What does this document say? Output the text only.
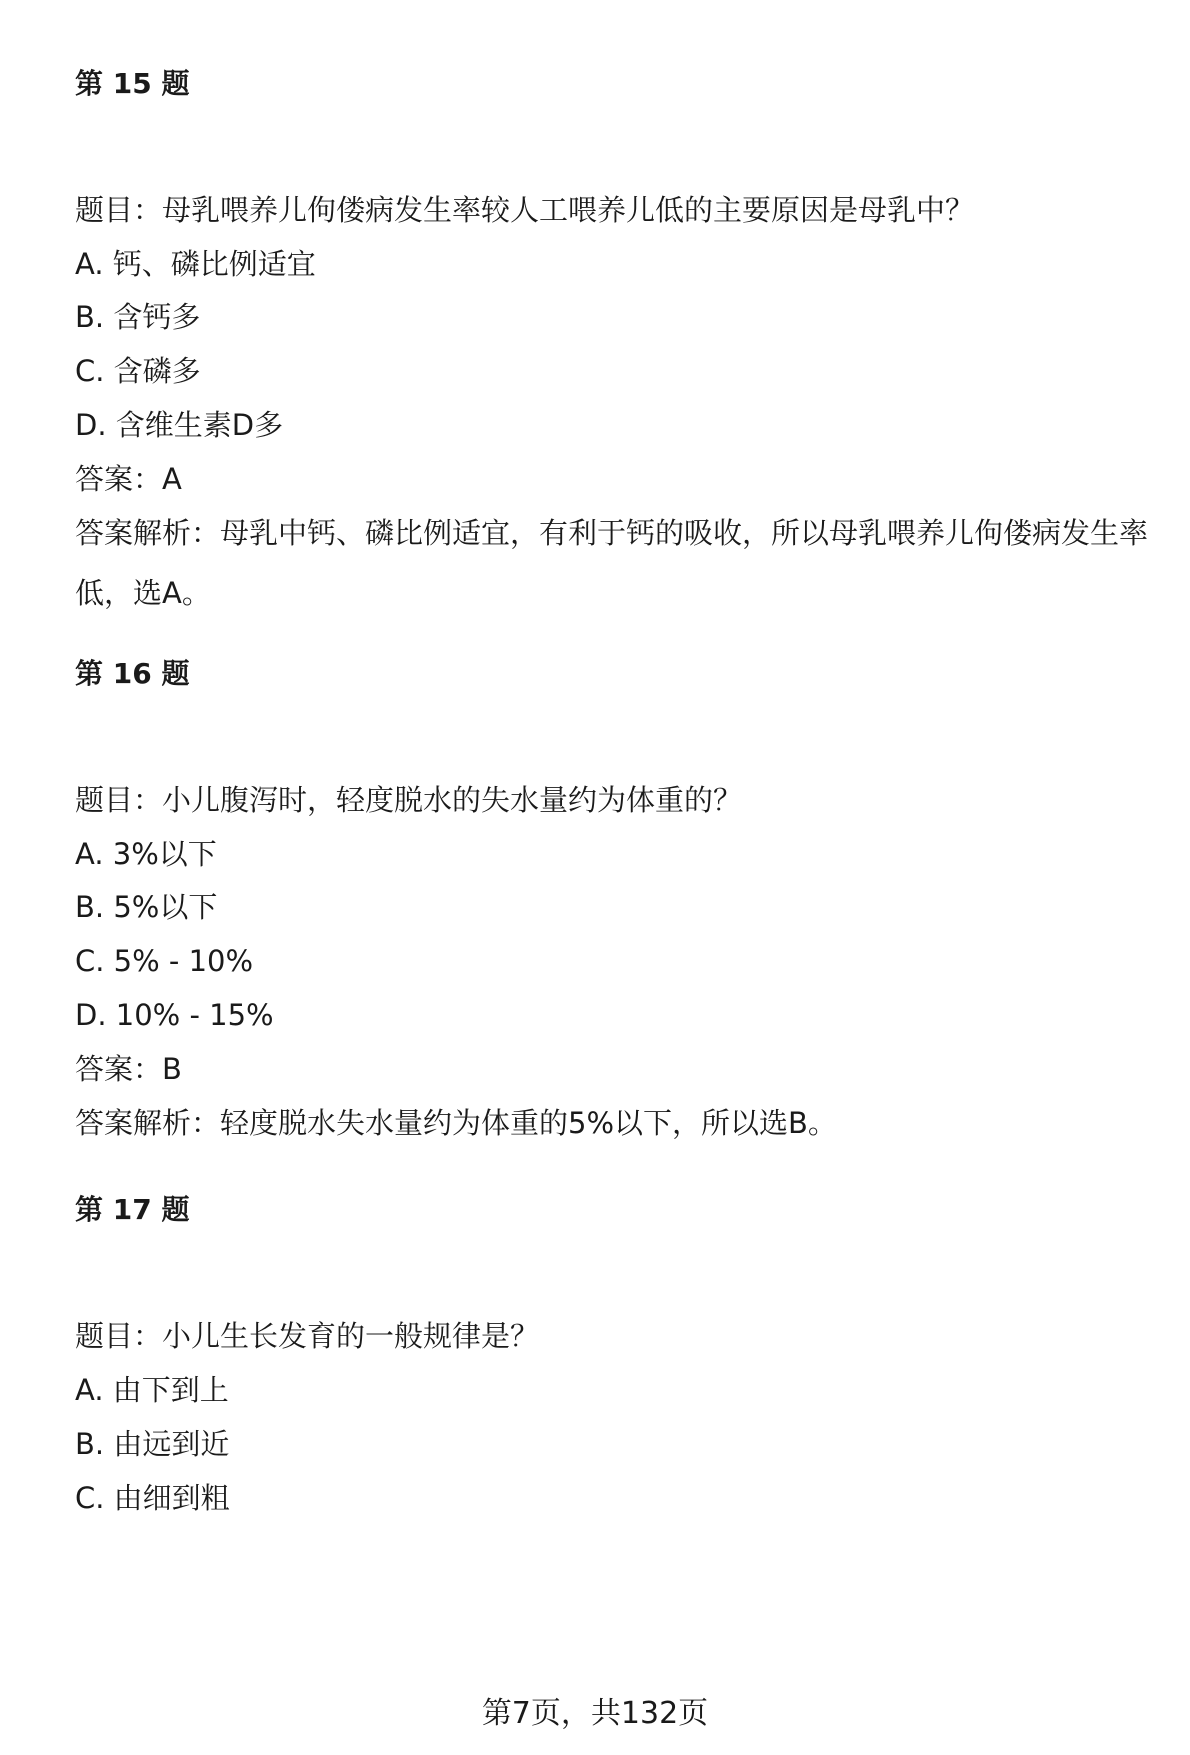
第 15 题
题目：母乳喂养儿佝偻病发生率较人工喂养儿低的主要原因是母乳中？
A. 钙、磷比例适宜
B. 含钙多
C. 含磷多
D. 含维生素D多
答案：A
答案解析：母乳中钙、磷比例适宜，有利于钙的吸收，所以母乳喂养儿佝偻病发生率低，选A。
第 16 题
题目：小儿腹泻时，轻度脱水的失水量约为体重的？
A. 3%以下
B. 5%以下
C. 5% - 10%
D. 10% - 15%
答案：B
答案解析：轻度脱水失水量约为体重的5%以下，所以选B。
第 17 题
题目：小儿生长发育的一般规律是？
A. 由下到上
B. 由远到近
C. 由细到粗
第7页，共132页
